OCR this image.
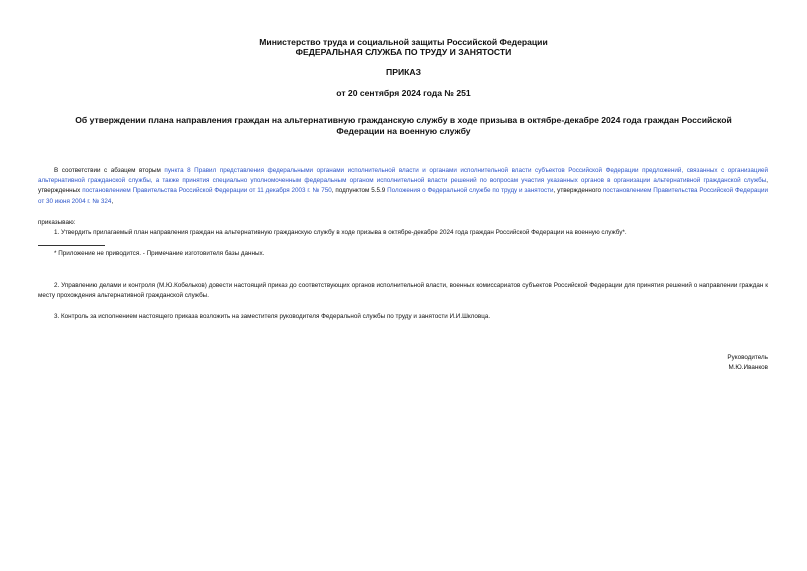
Министерство труда и социальной защиты Российской Федерации
ФЕДЕРАЛЬНАЯ СЛУЖБА ПО ТРУДУ И ЗАНЯТОСТИ
ПРИКАЗ
от 20 сентября 2024 года № 251
Об утверждении плана направления граждан на альтернативную гражданскую службу в ходе призыва в октябре-декабре 2024 года граждан Российской Федерации на военную службу
В соответствии с абзацем вторым пункта 8 Правил представления федеральными органами исполнительной власти и органами исполнительной власти субъектов Российской Федерации предложений, связанных с организацией альтернативной гражданской службы, а также принятия специально уполномоченным федеральным органом исполнительной власти решений по вопросам участия указанных органов в организации альтернативной гражданской службы, утвержденных постановлением Правительства Российской Федерации от 11 декабря 2003 г. № 750, подпунктом 5.5.9 Положения о Федеральной службе по труду и занятости, утвержденного постановлением Правительства Российской Федерации от 30 июня 2004 г. № 324,
приказываю:
1. Утвердить прилагаемый план направления граждан на альтернативную гражданскую службу в ходе призыва в октябре-декабре 2024 года граждан Российской Федерации на военную службу*.
* Приложение не приводится. - Примечание изготовителя базы данных.
2. Управлению делами и контроля (М.Ю.Кобельков) довести настоящий приказ до соответствующих органов исполнительной власти, военных комиссариатов субъектов Российской Федерации для принятия решений о направлении граждан к месту прохождения альтернативной гражданской службы.
3. Контроль за исполнением настоящего приказа возложить на заместителя руководителя Федеральной службы по труду и занятости И.И.Шкловца.
Руководитель
М.Ю.Иванков
